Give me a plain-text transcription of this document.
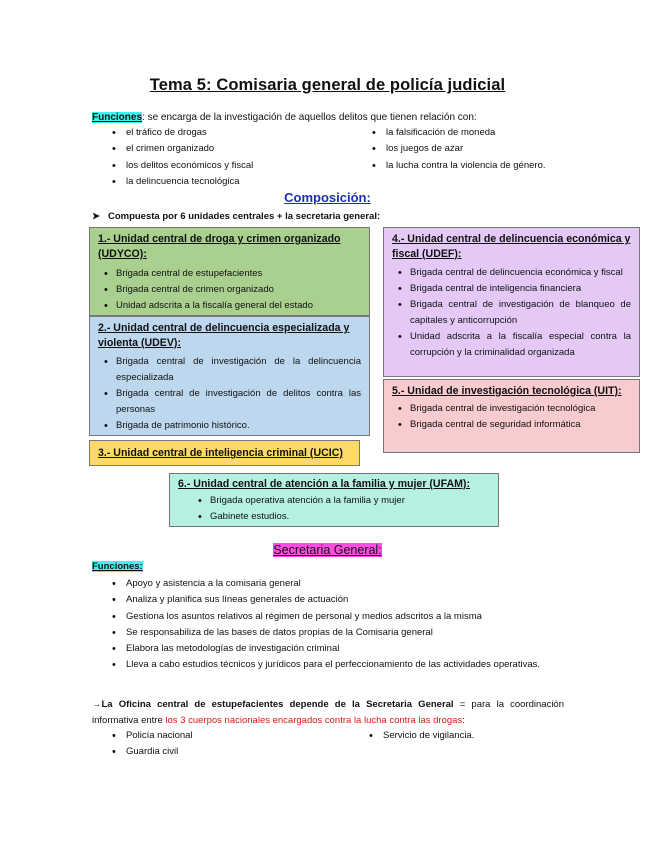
Tema 5: Comisaria general de policía judicial
Funciones: se encarga de la investigación de aquellos delitos que tienen relación con:
• el tráfico de drogas
• el crimen organizado
• los delitos económicos y fiscal
• la delincuencia tecnológica
• la falsificación de moneda
• los juegos de azar
• la lucha contra la violencia de género.
Composición:
➤ Compuesta por 6 unidades centrales + la secretaria general:
1.- Unidad central de droga y crimen organizado (UDYCO):
• Brigada central de estupefacientes
• Brigada central de crimen organizado
• Unidad adscrita a la fiscalía general del estado
2.- Unidad central de delincuencia especializada y violenta (UDEV):
• Brigada central de investigación de la delincuencia especializada
• Brigada central de investigación de delitos contra las personas
• Brigada de patrimonio histórico.
3.- Unidad central de inteligencia criminal (UCIC)
4.- Unidad central de delincuencia económica y fiscal (UDEF):
• Brigada central de delincuencia económica y fiscal
• Brigada central de inteligencia financiera
• Brigada central de investigación de blanqueo de capitales y anticorrupción
• Unidad adscrita a la fiscalía especial contra la corrupción y la criminalidad organizada
5.- Unidad de investigación tecnológica (UIT):
• Brigada central de investigación tecnológica
• Brigada central de seguridad informática
6.- Unidad central de atención a la familia y mujer (UFAM):
• Brigada operativa atención a la familia y mujer
• Gabinete estudios.
Secretaria General:
Funciones:
• Apoyo y asistencia a la comisaria general
• Analiza y planifica sus líneas generales de actuación
• Gestiona los asuntos relativos al régimen de personal y medios adscritos a la misma
• Se responsabiliza de las bases de datos propias de la Comisaria general
• Elabora las metodologías de investigación criminal
• Lleva a cabo estudios técnicos y jurídicos para el perfeccionamiento de las actividades operativas.
→La Oficina central de estupefacientes depende de la Secretaria General = para la coordinación informativa entre los 3 cuerpos nacionales encargados contra la lucha contra las drogas:
• Policía nacional
• Guardia civil
• Servicio de vigilancia.
